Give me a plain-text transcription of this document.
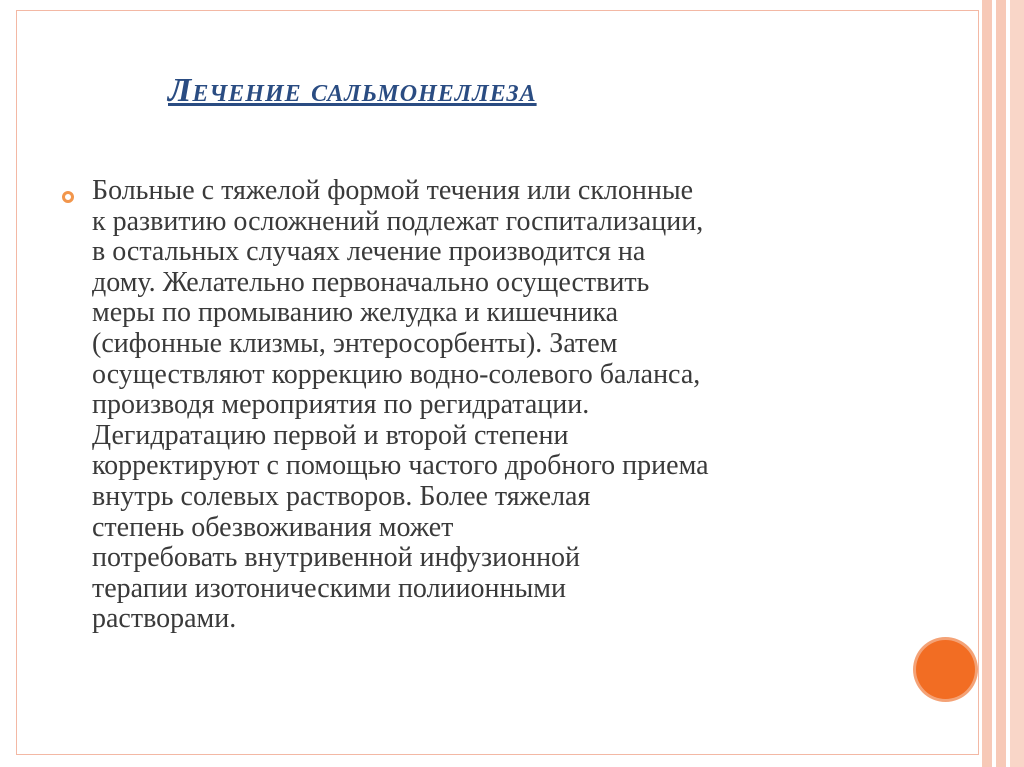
Лечение сальмонеллеза

Больные с тяжелой формой течения или склонные
к развитию осложнений подлежат госпитализации,
в остальных случаях лечение производится на
дому. Желательно первоначально осуществить
меры по промыванию желудка и кишечника
(сифонные клизмы, энтеросорбенты). Затем
осуществляют коррекцию водно-солевого баланса,
производя мероприятия по регидратации.
Дегидратацию первой и второй степени
корректируют с помощью частого дробного приема
внутрь солевых растворов. Более тяжелая
степень обезвоживания может
потребовать внутривенной инфузионной
терапии изотоническими полиионными
растворами.
